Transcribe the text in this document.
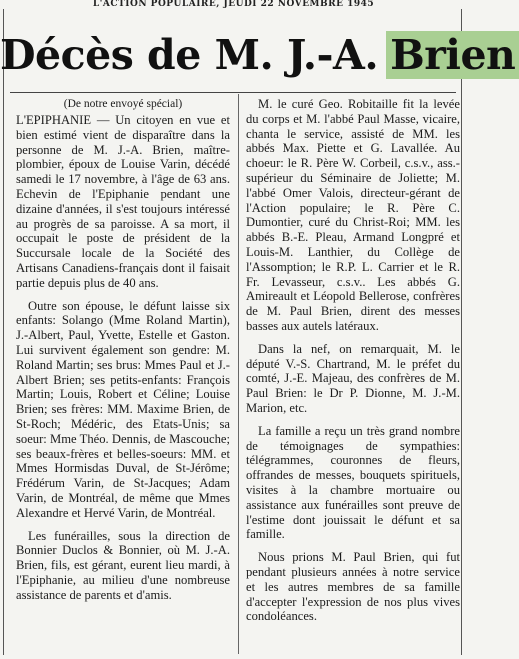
L'ACTION POPULAIRE, JEUDI 22 NOVEMBRE 1945
Décès de M. J.-A. Brien
(De notre envoyé spécial)

L'EPIPHANIE — Un citoyen en vue et bien estimé vient de disparaître dans la personne de M. J.-A. Brien, maître-plombier, époux de Louise Varin, décédé samedi le 17 novembre, à l'âge de 63 ans. Echevin de l'Epiphanie pendant une dizaine d'années, il s'est toujours intéressé au progrès de sa paroisse. A sa mort, il occupait le poste de président de la Succursale locale de la Société des Artisans Canadiens-français dont il faisait partie depuis plus de 40 ans.

Outre son épouse, le défunt laisse six enfants: Solango (Mme Roland Martin), J.-Albert, Paul, Yvette, Estelle et Gaston. Lui survivent également son gendre: M. Roland Martin; ses brus: Mmes Paul et J.-Albert Brien; ses petits-enfants: François Martin; Louis, Robert et Céline; Louise Brien; ses frères: MM. Maxime Brien, de St-Roch; Médéric, des Etats-Unis; sa soeur: Mme Théo. Dennis, de Mascouche; ses beaux-frères et belles-soeurs: MM. et Mmes Hormisdas Duval, de St-Jérôme; Frédérum Varin, de St-Jacques; Adam Varin, de Montréal, de même que Mmes Alexandre et Hervé Varin, de Montréal.

Les funérailles, sous la direction de Bonnier Duclos & Bonnier, où M. J.-A. Brien, fils, est gérant, eurent lieu mardi, à l'Epiphanie, au milieu d'une nombreuse assistance de parents et d'amis.

M. le curé Geo. Robitaille fit la levée du corps et M. l'abbé Paul Masse, vicaire, chanta le service, assisté de MM. les abbés Max. Piette et G. Lavallée. Au choeur: le R. Père W. Corbeil, c.s.v., ass.-supérieur du Séminaire de Joliette; M. l'abbé Omer Valois, directeur-gérant de l'Action populaire; le R. Père C. Dumontier, curé du Christ-Roi; MM. les abbés B.-E. Pleau, Armand Longpré et Louis-M. Lanthier, du Collège de l'Assomption; le R.P. L. Carrier et le R. Fr. Levasseur, c.s.v.. Les abbés G. Amireault et Léopold Bellerose, confrères de M. Paul Brien, dirent des messes basses aux autels latéraux.

Dans la nef, on remarquait, M. le député V.-S. Chartrand, M. le préfet du comté, J.-E. Majeau, des confrères de M. Paul Brien: le Dr P. Dionne, M. J.-M. Marion, etc.

La famille a reçu un très grand nombre de témoignages de sympathies: télégrammes, couronnes de fleurs, offrandes de messes, bouquets spirituels, visites à la chambre mortuaire ou assistance aux funérailles sont preuve de l'estime dont jouissait le défunt et sa famille.

Nous prions M. Paul Brien, qui fut pendant plusieurs années à notre service et les autres membres de sa famille d'accepter l'expression de nos plus vives condoléances.
